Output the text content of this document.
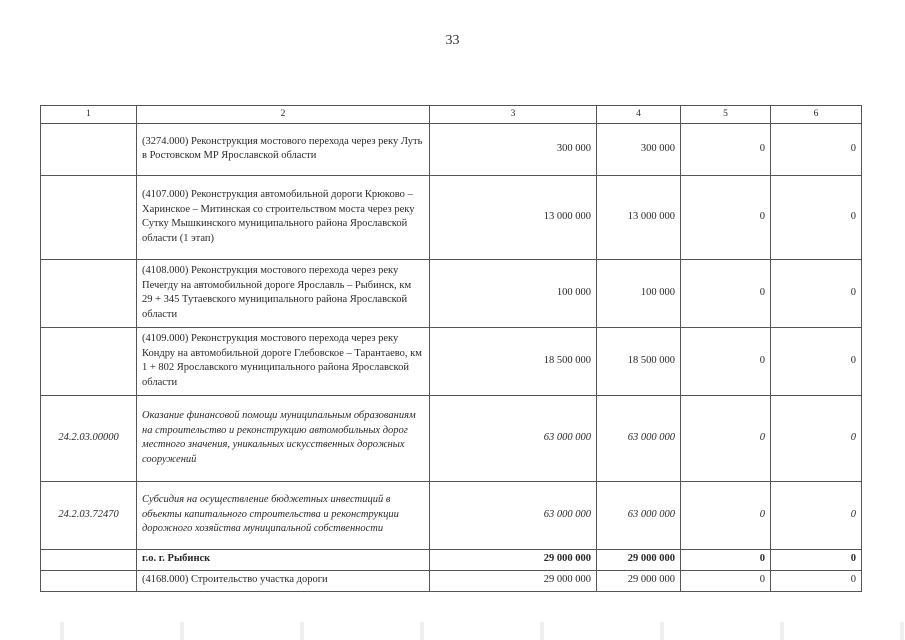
33
1	2	3	4	5	6
	(3274.000) Реконструкция мостового перехода через реку Луть в Ростовском МР Ярославской области	300 000	300 000	0	0
	(4107.000) Реконструкция автомобильной дороги Крюково – Харинское – Митинская со строительством моста через реку Сутку Мышкинского муниципального района Ярославской области (1 этап)	13 000 000	13 000 000	0	0
	(4108.000) Реконструкция мостового перехода через реку Печегду на автомобильной дороге Ярославль – Рыбинск, км 29 + 345 Тутаевского муниципального района Ярославской области	100 000	100 000	0	0
	(4109.000) Реконструкция мостового перехода через реку Кондру на автомобильной дороге Глебовское – Тарантаево, км 1 + 802 Ярославского муниципального района Ярославской области	18 500 000	18 500 000	0	0
24.2.03.00000	Оказание финансовой помощи муниципальным образованиям на строительство и реконструкцию автомобильных дорог местного значения, уникальных искусственных дорожных сооружений	63 000 000	63 000 000	0	0
24.2.03.72470	Субсидия на осуществление бюджетных инвестиций в объекты капитального строительства и реконструкции дорожного хозяйства муниципальной собственности	63 000 000	63 000 000	0	0
	г.о. г. Рыбинск	29 000 000	29 000 000	0	0
	(4168.000) Строительство участка дороги	29 000 000	29 000 000	0	0
